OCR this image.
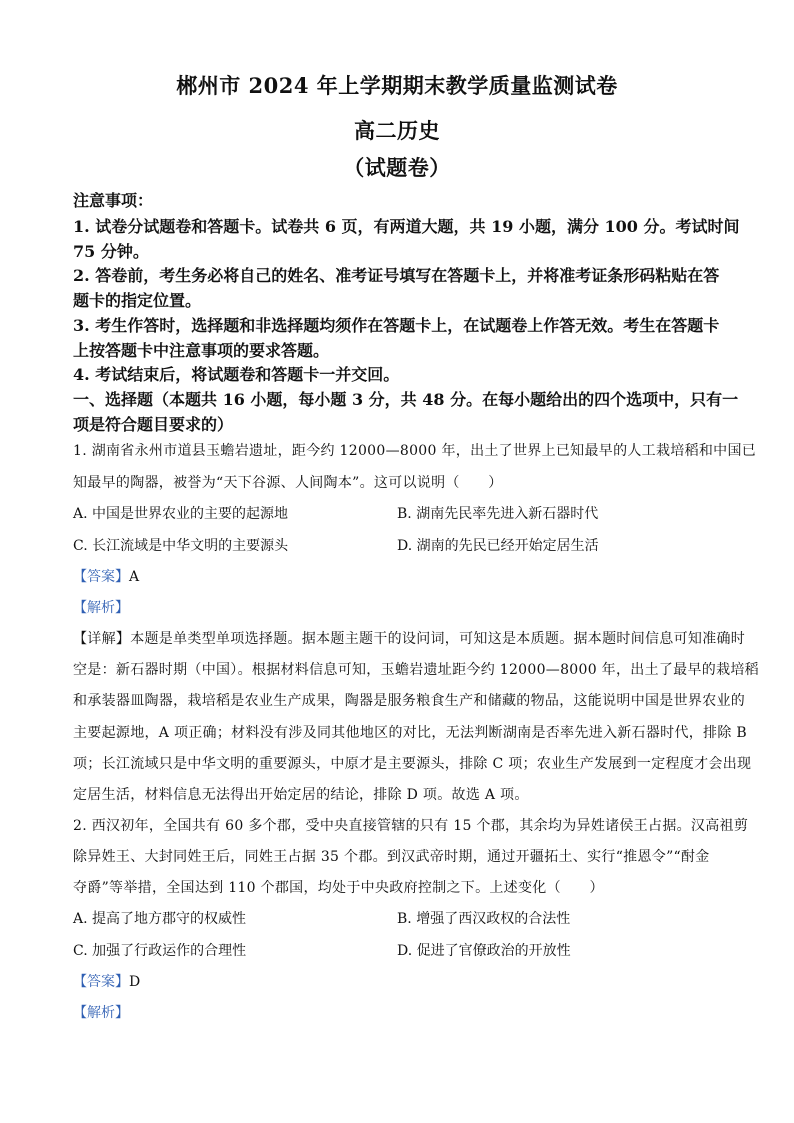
郴州市 2024 年上学期期末教学质量监测试卷
高二历史
（试题卷）
注意事项：
1. 试卷分试题卷和答题卡。试卷共 6 页，有两道大题，共 19 小题，满分 100 分。考试时间
75 分钟。
2. 答卷前，考生务必将自己的姓名、准考证号填写在答题卡上，并将准考证条形码粘贴在答
题卡的指定位置。
3. 考生作答时，选择题和非选择题均须作在答题卡上，在试题卷上作答无效。考生在答题卡
上按答题卡中注意事项的要求答题。
4. 考试结束后，将试题卷和答题卡一并交回。
一、选择题（本题共 16 小题，每小题 3 分，共 48 分。在每小题给出的四个选项中，只有一
项是符合题目要求的）
1. 湖南省永州市道县玉蟾岩遗址，距今约 12000—8000 年，出土了世界上已知最早的人工栽培稻和中国已
知最早的陶器，被誉为“天下谷源、人间陶本”。这可以说明（　　）
A. 中国是世界农业的主要的起源地	B. 湖南先民率先进入新石器时代
C. 长江流域是中华文明的主要源头	D. 湖南的先民已经开始定居生活
【答案】A
【解析】
【详解】本题是单类型单项选择题。据本题主题干的设问词，可知这是本质题。据本题时间信息可知准确时
空是：新石器时期（中国）。根据材料信息可知，玉蟾岩遗址距今约 12000—8000 年，出土了最早的栽培稻
和承装器皿陶器，栽培稻是农业生产成果，陶器是服务粮食生产和储藏的物品，这能说明中国是世界农业的
主要起源地，A 项正确；材料没有涉及同其他地区的对比，无法判断湖南是否率先进入新石器时代，排除 B
项；长江流域只是中华文明的重要源头，中原才是主要源头，排除 C 项；农业生产发展到一定程度才会出现
定居生活，材料信息无法得出开始定居的结论，排除 D 项。故选 A 项。
2. 西汉初年，全国共有 60 多个郡，受中央直接管辖的只有 15 个郡，其余均为异姓诸侯王占据。汉高祖剪
除异姓王、大封同姓王后，同姓王占据 35 个郡。到汉武帝时期，通过开疆拓土、实行“推恩令”“酎金
夺爵”等举措，全国达到 110 个郡国，均处于中央政府控制之下。上述变化（　　）
A. 提高了地方郡守的权威性	B. 增强了西汉政权的合法性
C. 加强了行政运作的合理性	D. 促进了官僚政治的开放性
【答案】D
【解析】
